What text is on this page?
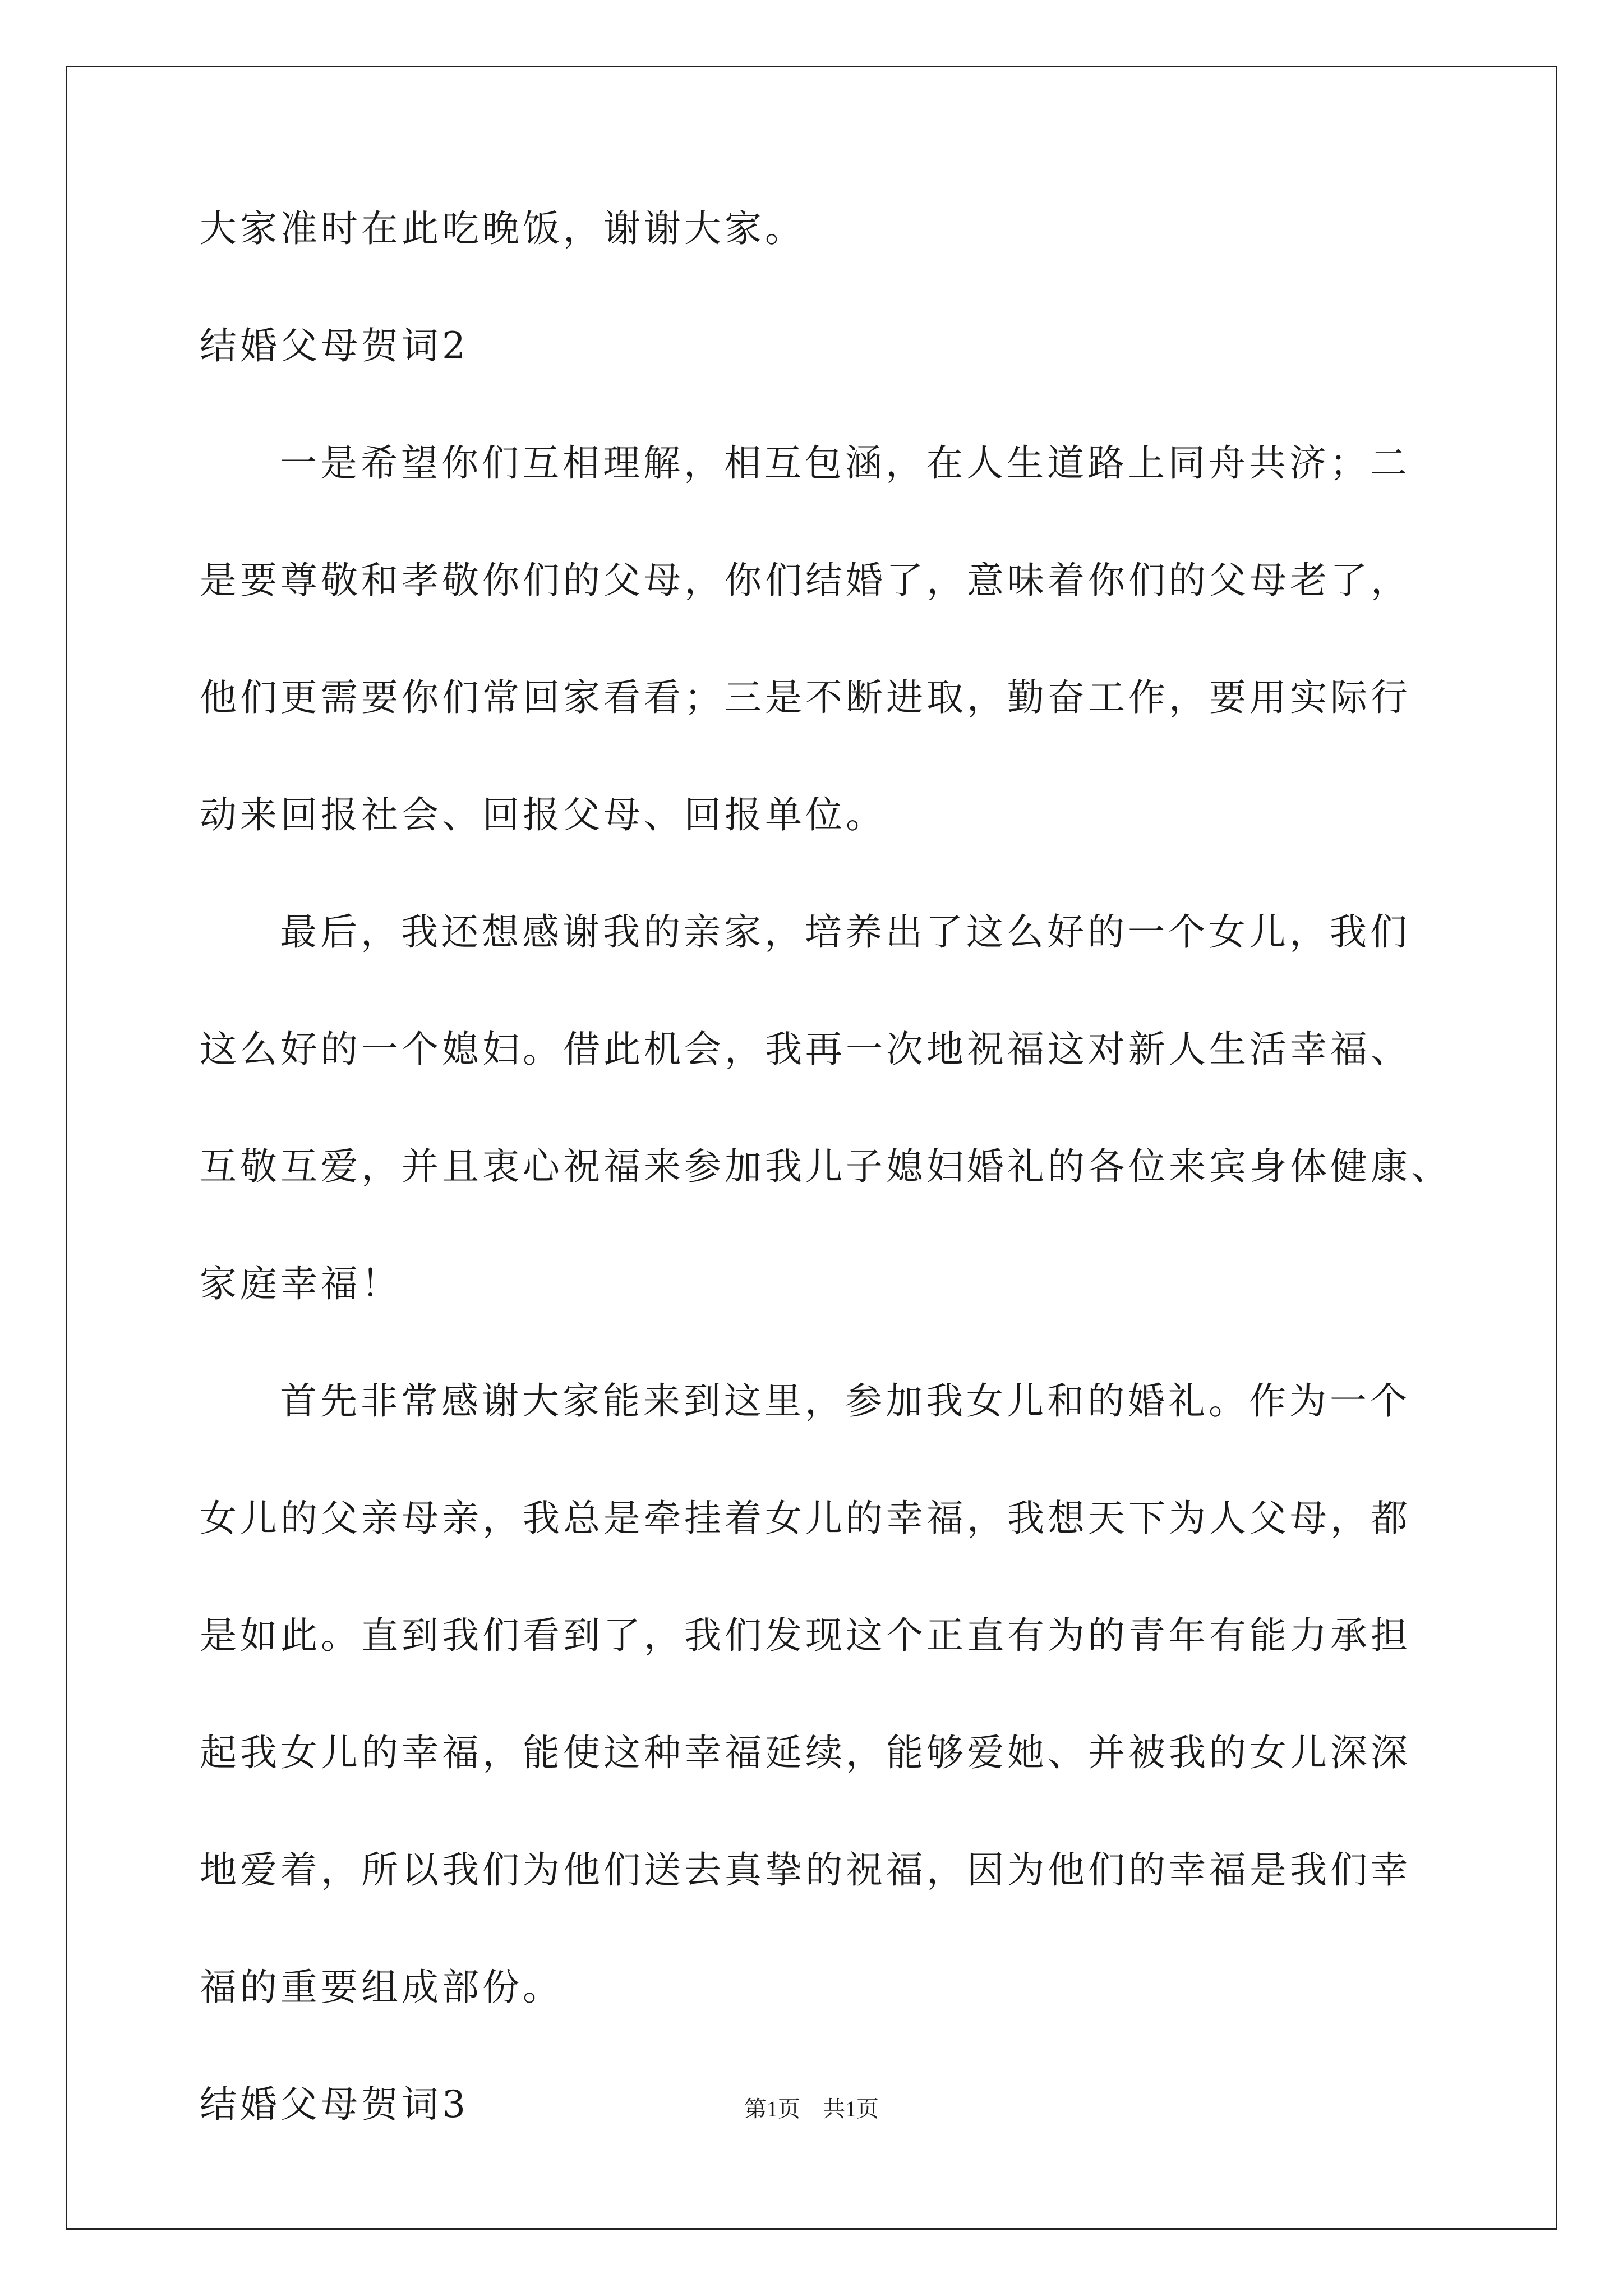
大家准时在此吃晚饭，谢谢大家。
结婚父母贺词2
一是希望你们互相理解，相互包涵，在人生道路上同舟共济；二
是要尊敬和孝敬你们的父母，你们结婚了，意味着你们的父母老了，
他们更需要你们常回家看看；三是不断进取，勤奋工作，要用实际行
动来回报社会、回报父母、回报单位。
最后，我还想感谢我的亲家，培养出了这么好的一个女儿，我们
这么好的一个媳妇。借此机会，我再一次地祝福这对新人生活幸福、
互敬互爱，并且衷心祝福来参加我儿子媳妇婚礼的各位来宾身体健康、
家庭幸福！
首先非常感谢大家能来到这里，参加我女儿和的婚礼。作为一个
女儿的父亲母亲，我总是牵挂着女儿的幸福，我想天下为人父母，都
是如此。直到我们看到了，我们发现这个正直有为的青年有能力承担
起我女儿的幸福，能使这种幸福延续，能够爱她、并被我的女儿深深
地爱着，所以我们为他们送去真挚的祝福，因为他们的幸福是我们幸
福的重要组成部份。
结婚父母贺词3	第1页　共1页
